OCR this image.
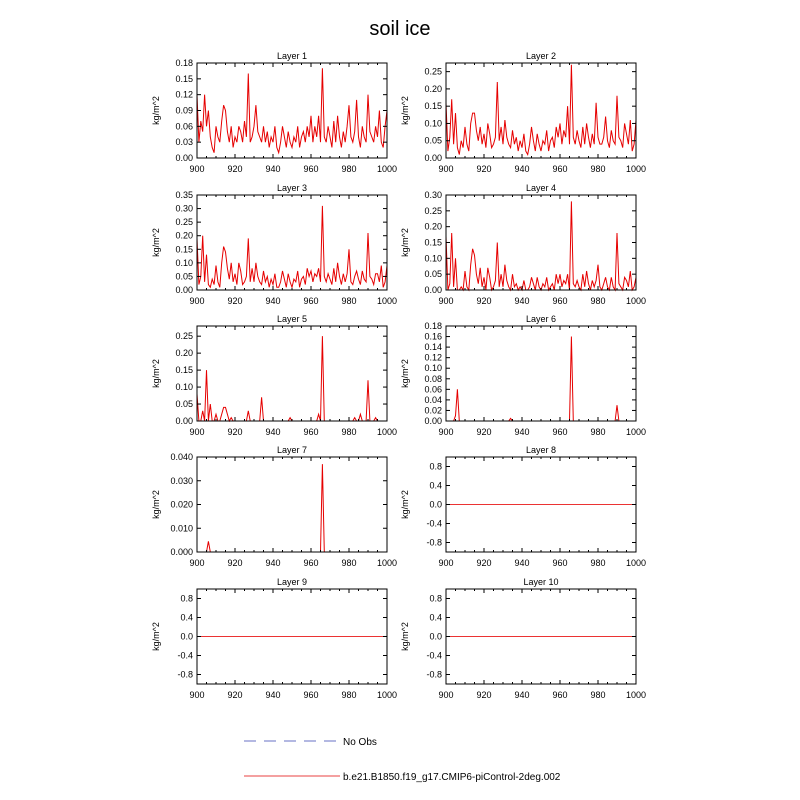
soil ice
Layer 1
kg/m^2
900	920	940	960	980 1000
0.00
0.03
0.06
0.09
0.12
0.15
0.18
Layer 2
kg/m^2
900	920	940	960	980 1000
0.00
0.05
0.10
0.15
0.20
0.25
Layer 3
kg/m^2
900	920	940	960	980 1000
0.00
0.05
0.10
0.15
0.20
0.25
0.30
0.35
Layer 4
kg/m^2
900	920	940	960	980 1000
0.00
0.05
0.10
0.15
0.20
0.25
0.30
Layer 5
kg/m^2
900	920	940	960	980 1000
0.00
0.05
0.10
0.15
0.20
0.25
Layer 6
kg/m^2
900	920	940	960	980 1000
0.00
0.02
0.04
0.06
0.08
0.10
0.12
0.14
0.16
0.18
Layer 7
kg/m^2
900	920	940	960	980 1000
0.000
0.010
0.020
0.030
0.040
Layer 8
kg/m^2
900	920	940	960	980 1000
-0.8
-0.4
0.0
0.4
0.8
Layer 9
kg/m^2
900	920	940	960	980 1000
-0.8
-0.4
0.0
0.4
0.8
Layer 10
kg/m^2
900	920	940	960	980 1000
-0.8
-0.4
0.0
0.4
0.8
No Obs
b.e21.B1850.f19_g17.CMIP6-piControl-2deg.002
